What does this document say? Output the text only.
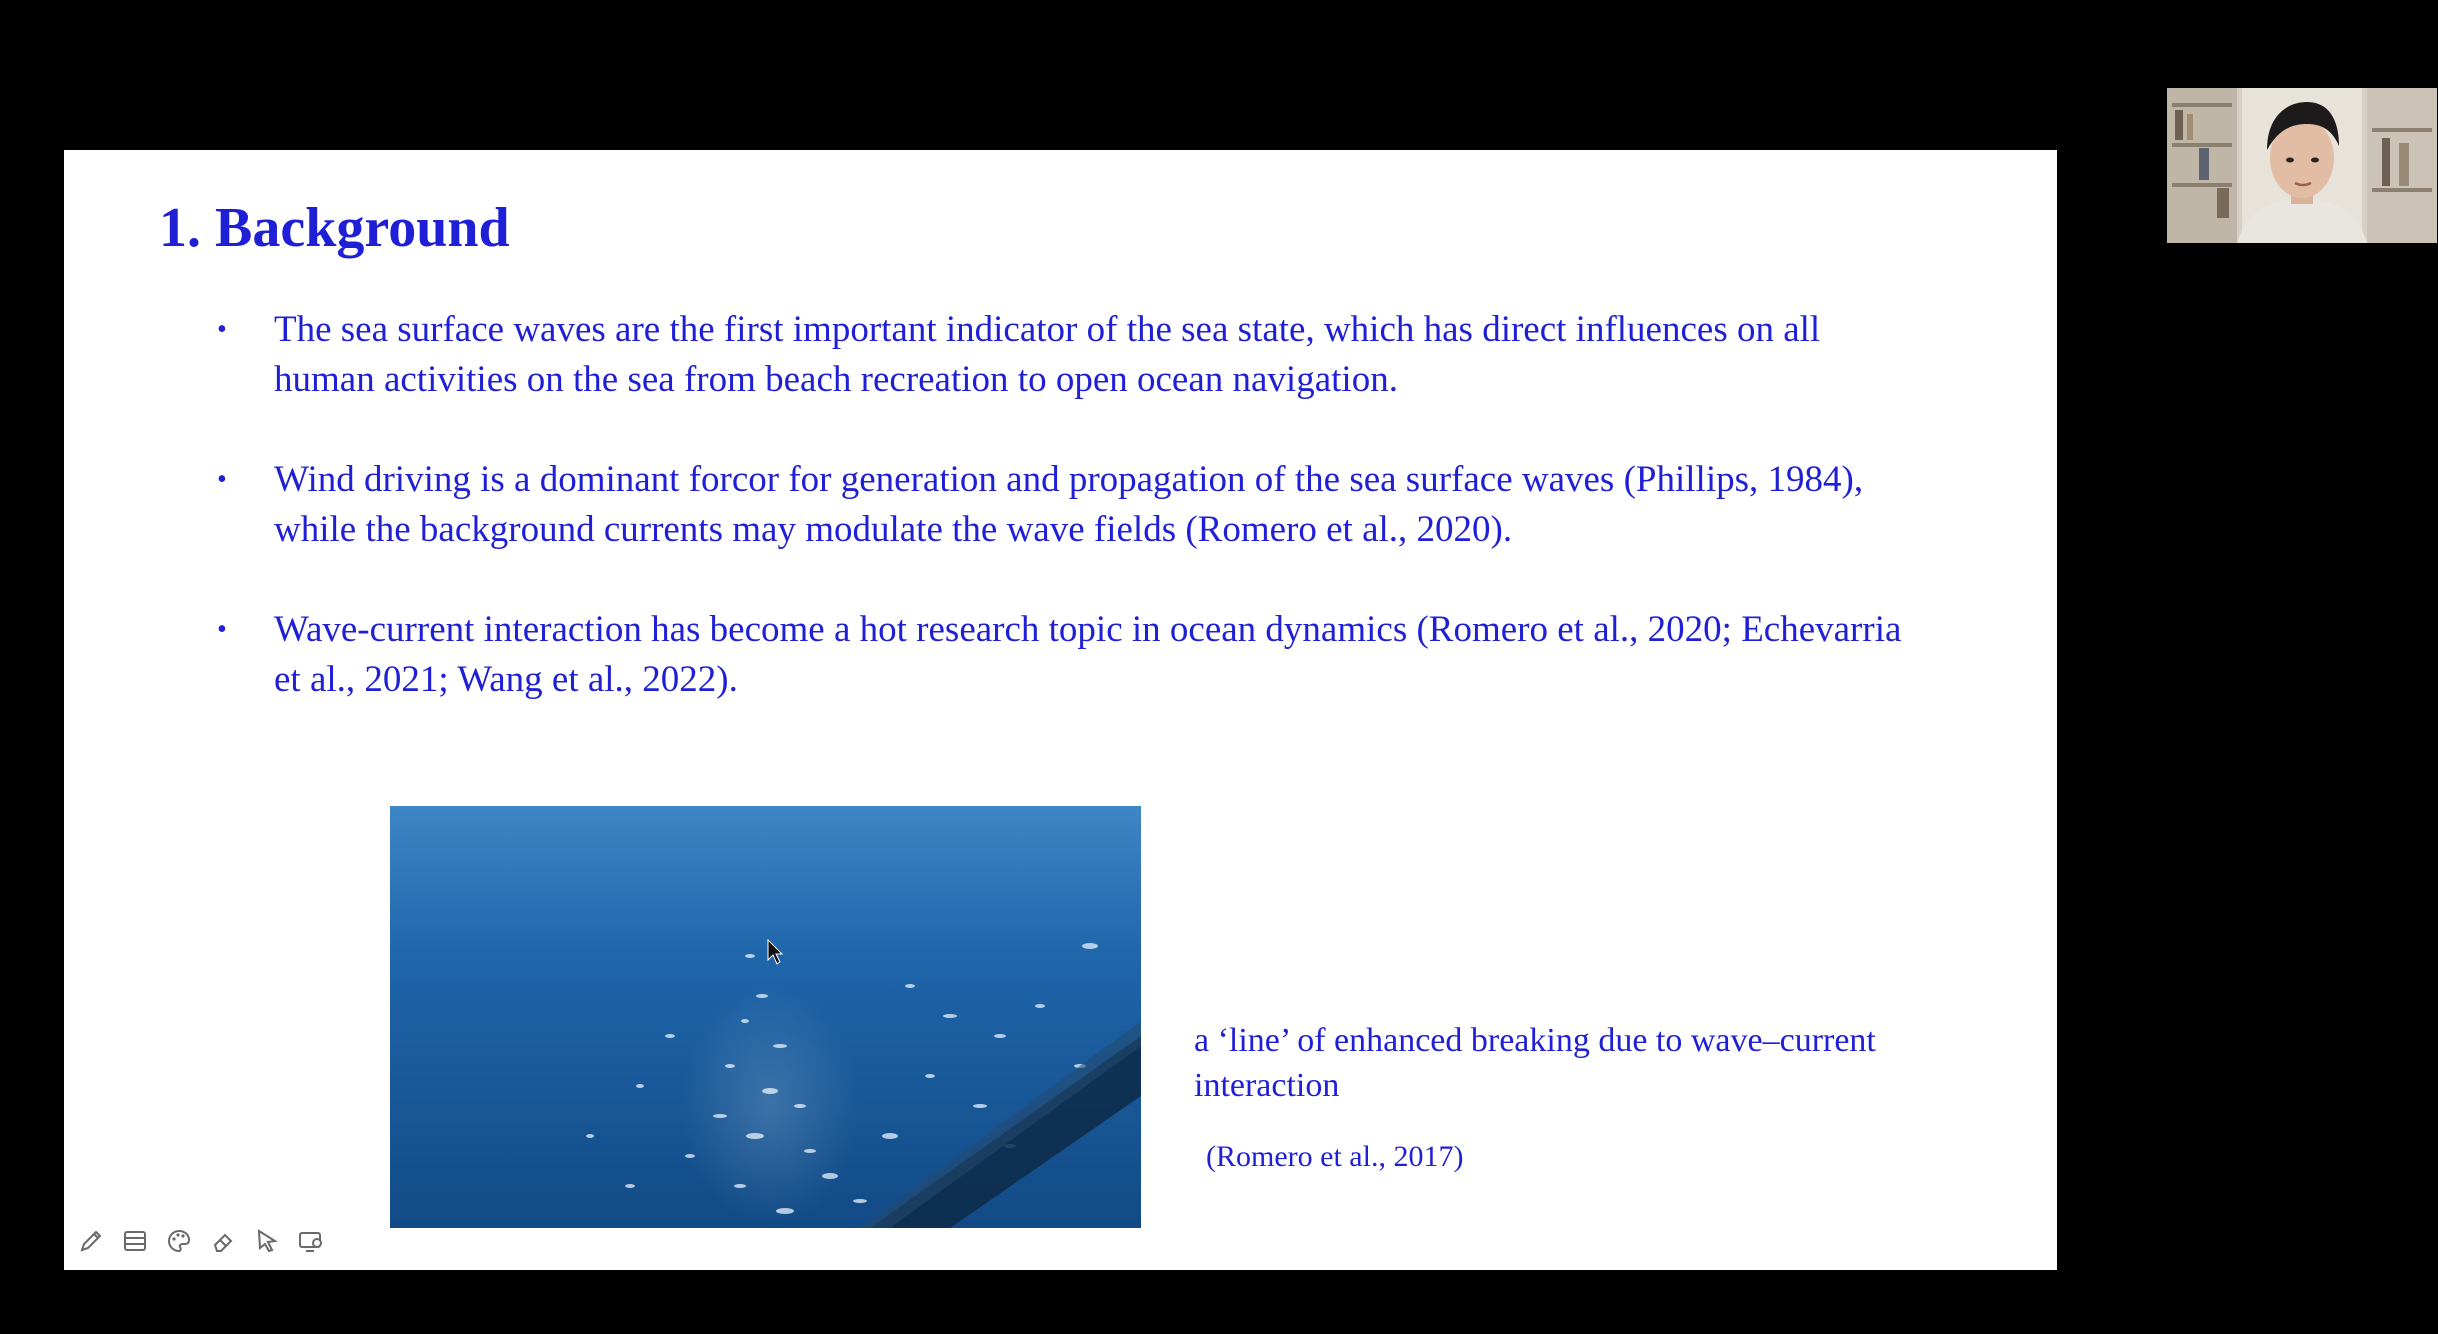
1. Background
• The sea surface waves are the first important indicator of the sea state, which has direct influences on all human activities on the sea from beach recreation to open ocean navigation.
• Wind driving is a dominant forcor for generation and propagation of the sea surface waves (Phillips, 1984), while the background currents may modulate the wave fields (Romero et al., 2020).
• Wave-current interaction has become a hot research topic in ocean dynamics (Romero et al., 2020; Echevarria et al., 2021; Wang et al., 2022).
a ‘line’ of enhanced breaking due to wave–current interaction
(Romero et al., 2017)
